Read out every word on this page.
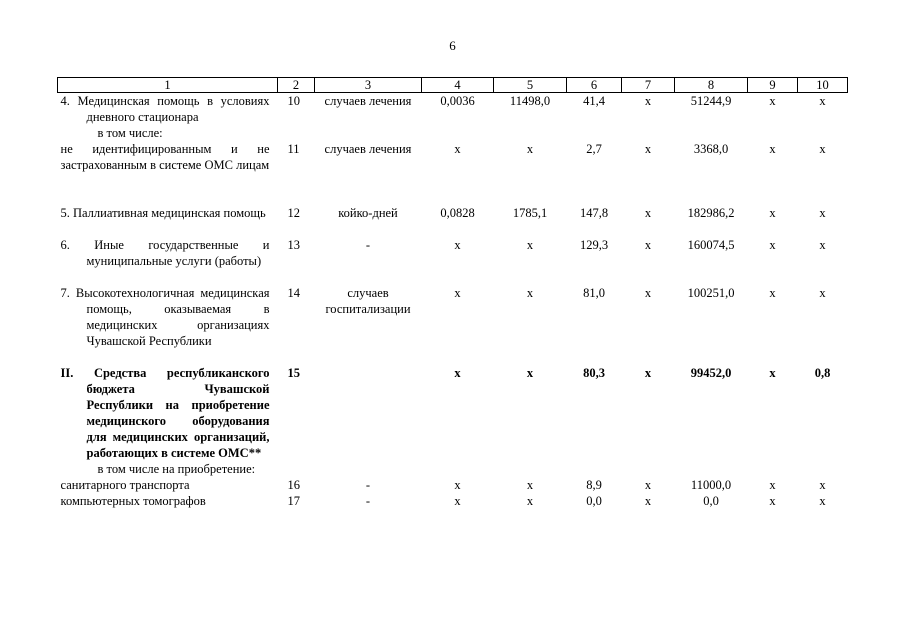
6
1	2	3	4	5	6	7	8	9	10

4. Медицинская помощь в условиях дневного стационара	10	случаев лечения	0,0036	11498,0	41,4	х	51244,9	х	х
в том числе:									
не идентифицированным и не застрахованным в системе ОМС лицам	11	случаев лечения	х	х	2,7	х	3368,0	х	х

5. Паллиативная медицинская помощь	12	койко-дней	0,0828	1785,1	147,8	х	182986,2	х	х

6. Иные государственные и муниципальные услуги (работы)	13	-	х	х	129,3	х	160074,5	х	х

7. Высокотехнологичная медицинская помощь, оказываемая в медицинских организациях Чувашской Республики	14	случаев госпитализации	х	х	81,0	х	100251,0	х	х

II. Средства республиканского бюджета Чувашской Республики на приобретение медицинского оборудования для медицинских организаций, работающих в системе ОМС**	15		х	х	80,3	х	99452,0	х	0,8

в том числе на приобретение:									

санитарного транспорта	16	-	х	х	8,9	х	11000,0	х	х
компьютерных томографов	17	-	х	х	0,0	х	0,0	х	х
